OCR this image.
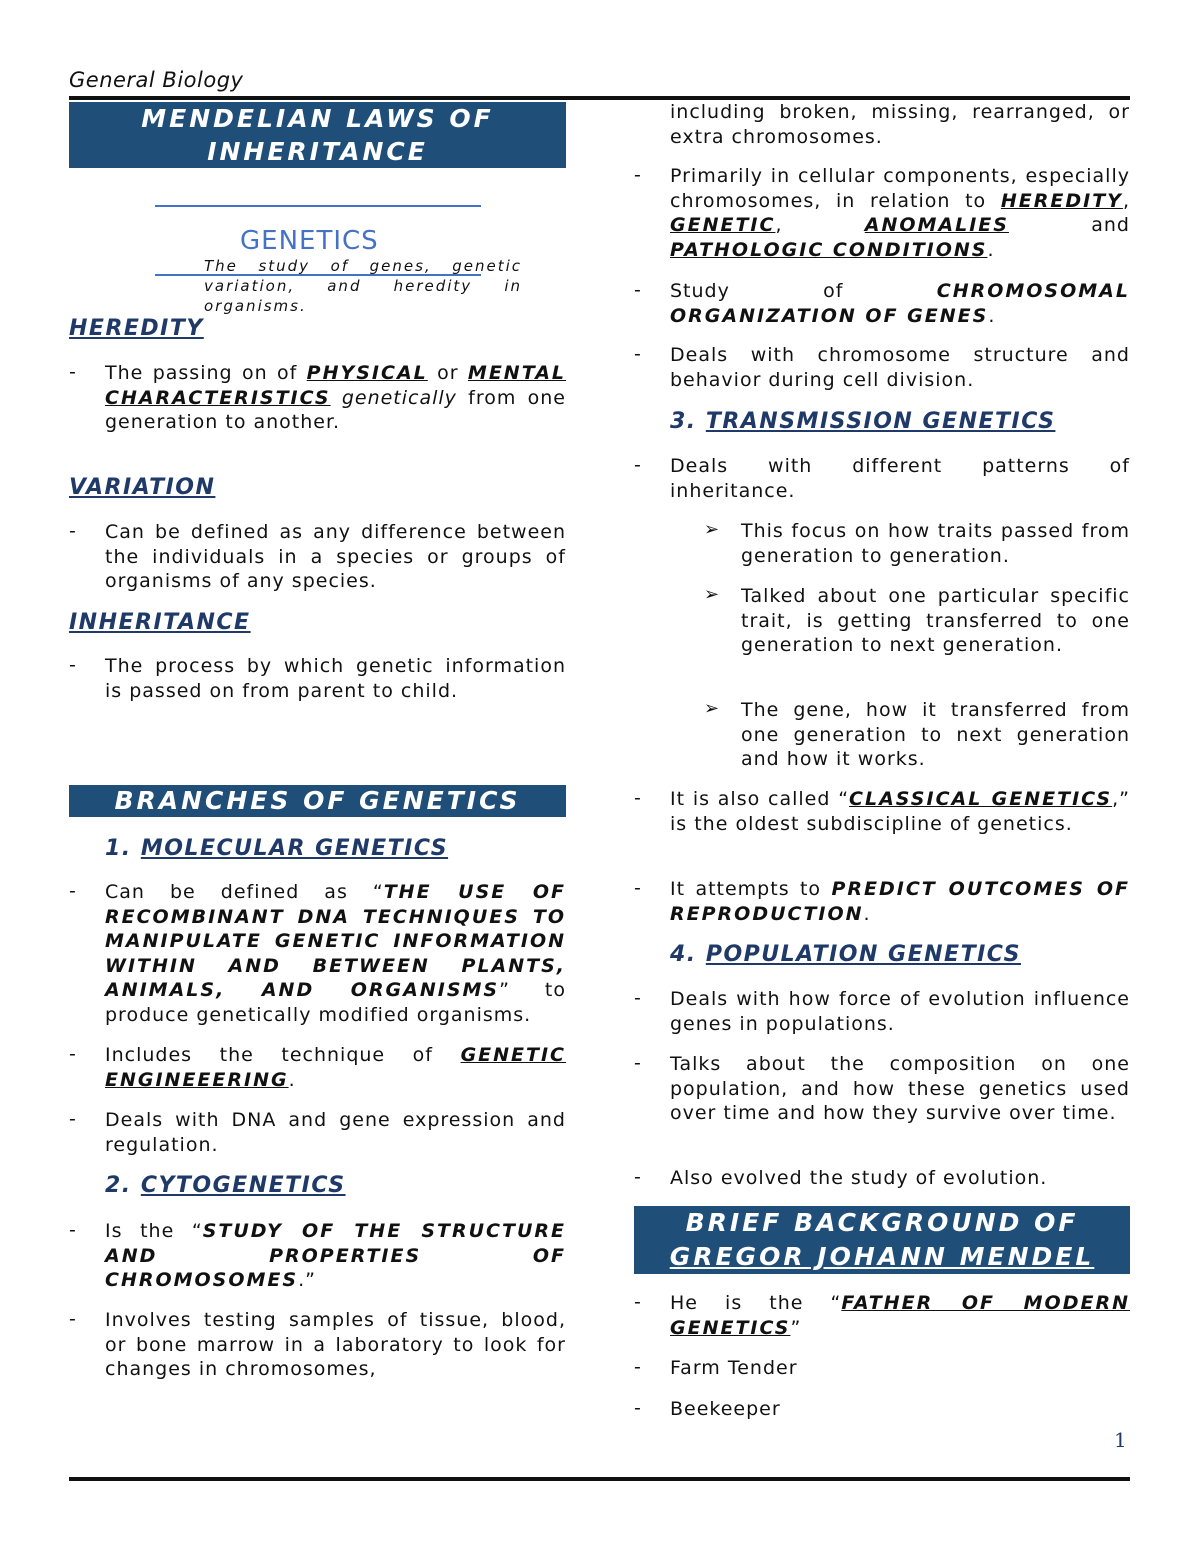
General Biology
MENDELIAN LAWS OF
INHERITANCE
GENETICS
The study of genes, genetic variation, and heredity in organisms.
HEREDITY
- The passing on of PHYSICAL or MENTAL CHARACTERISTICS genetically from one generation to another.
VARIATION
- Can be defined as any difference between the individuals in a species or groups of organisms of any species.
INHERITANCE
- The process by which genetic information is passed on from parent to child.
BRANCHES OF GENETICS
1. MOLECULAR GENETICS
- Can be defined as “THE USE OF RECOMBINANT DNA TECHNIQUES TO MANIPULATE GENETIC INFORMATION WITHIN AND BETWEEN PLANTS, ANIMALS, AND ORGANISMS” to produce genetically modified organisms.
- Includes the technique of GENETIC ENGINEEERING.
- Deals with DNA and gene expression and regulation.
2. CYTOGENETICS
- Is the “STUDY OF THE STRUCTURE AND PROPERTIES OF CHROMOSOMES.”
- Involves testing samples of tissue, blood, or bone marrow in a laboratory to look for changes in chromosomes,
including broken, missing, rearranged, or extra chromosomes.
- Primarily in cellular components, especially chromosomes, in relation to HEREDITY, GENETIC, ANOMALIES and PATHOLOGIC CONDITIONS.
- Study of CHROMOSOMAL ORGANIZATION OF GENES.
- Deals with chromosome structure and behavior during cell division.
3. TRANSMISSION GENETICS
- Deals with different patterns of inheritance.
➢ This focus on how traits passed from generation to generation.
➢ Talked about one particular specific trait, is getting transferred to one generation to next generation.
➢ The gene, how it transferred from one generation to next generation and how it works.
- It is also called “CLASSICAL GENETICS,” is the oldest subdiscipline of genetics.
- It attempts to PREDICT OUTCOMES OF REPRODUCTION.
4. POPULATION GENETICS
- Deals with how force of evolution influence genes in populations.
- Talks about the composition on one population, and how these genetics used over time and how they survive over time.
- Also evolved the study of evolution.
BRIEF BACKGROUND OF
GREGOR JOHANN MENDEL
- He is the “FATHER OF MODERN GENETICS”
- Farm Tender
- Beekeeper
1
